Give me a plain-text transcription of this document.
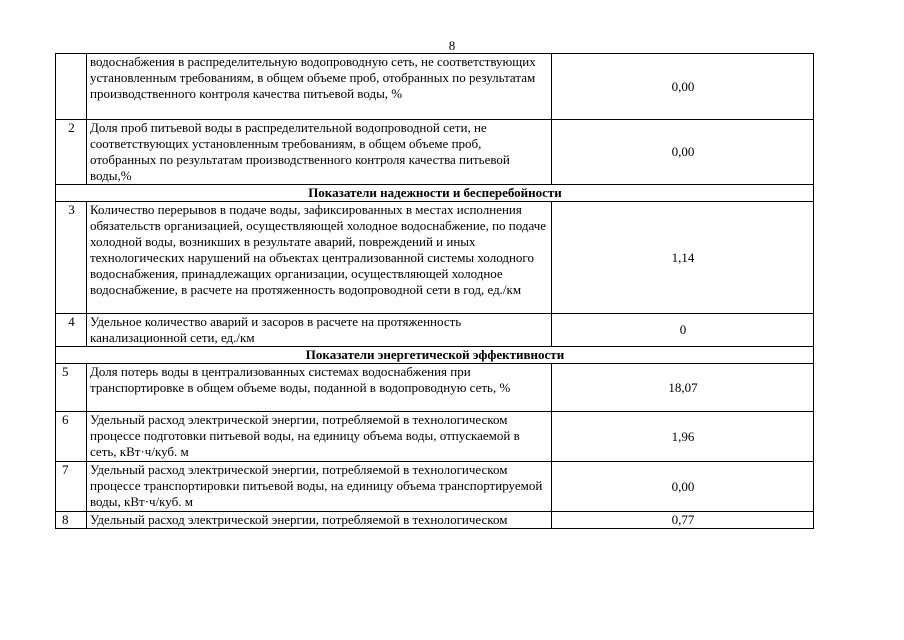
8
	водоснабжения в распределительную водопроводную сеть, не соответствующих установленным требованиям, в общем объеме проб, отобранных по результатам производственного контроля качества питьевой воды, %	0,00
2	Доля проб питьевой воды в распределительной водопроводной сети, не соответствующих установленным требованиям, в общем объеме проб, отобранных по результатам производственного контроля качества питьевой воды,%	0,00
Показатели надежности и бесперебойности		
3	Количество перерывов в подаче воды, зафиксированных в местах исполнения обязательств организацией, осуществляющей холодное водоснабжение, по подаче холодной воды, возникших в результате аварий, повреждений и иных технологических нарушений на объектах централизованной системы холодного водоснабжения, принадлежащих организации, осуществляющей холодное водоснабжение, в расчете на протяженность водопроводной сети в год, ед./км	1,14
4	Удельное количество аварий и засоров в расчете на протяженность канализационной сети, ед./км	0
Показатели энергетической эффективности		
5	Доля потерь воды в централизованных системах водоснабжения при транспортировке в общем объеме воды, поданной в водопроводную сеть, %	18,07
6	Удельный расход электрической энергии, потребляемой в технологическом процессе подготовки питьевой воды, на единицу объема воды, отпускаемой в сеть, кВт·ч/куб. м	1,96
7	Удельный расход электрической энергии, потребляемой в технологическом процессе транспортировки питьевой воды, на единицу объема транспортируемой воды, кВт·ч/куб. м	0,00
8	Удельный расход электрической энергии, потребляемой в технологическом	0,77
